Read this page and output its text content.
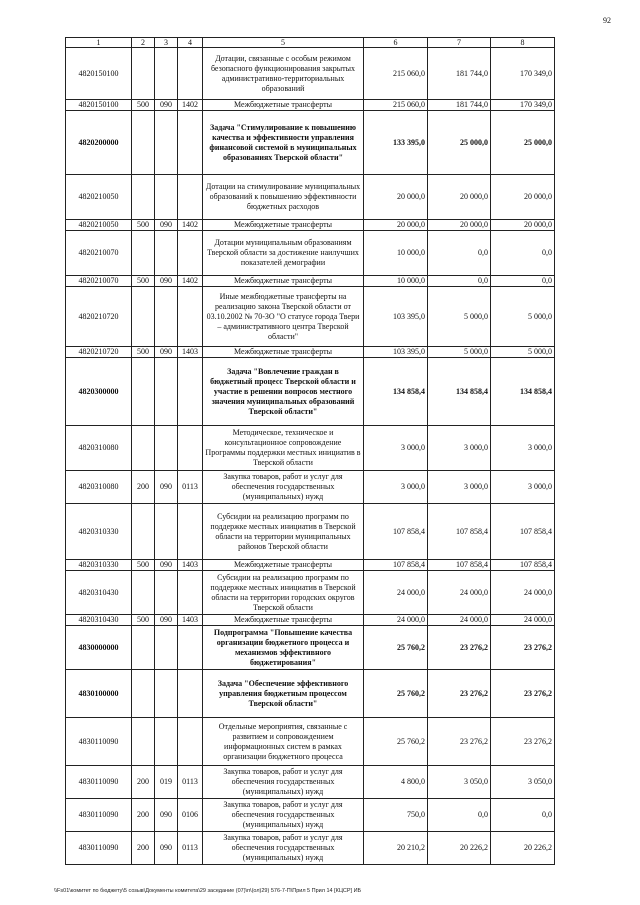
92
1	2	3	4	5	6	7	8
4820150100				Дотации, связанные с особым режимом безопасного функционирования закрытых административно-территориальных образований	215 060,0	181 744,0	170 349,0
4820150100	500	090	1402	Межбюджетные трансферты	215 060,0	181 744,0	170 349,0
4820200000				Задача "Стимулирование к повышению качества и эффективности управления финансовой системой в муниципальных образованиях Тверской области"	133 395,0	25 000,0	25 000,0
4820210050				Дотации на стимулирование муниципальных образований к повышению эффективности бюджетных расходов	20 000,0	20 000,0	20 000,0
4820210050	500	090	1402	Межбюджетные трансферты	20 000,0	20 000,0	20 000,0
4820210070				Дотации муниципальным образованиям Тверской области за достижение наилучших показателей демографии	10 000,0	0,0	0,0
4820210070	500	090	1402	Межбюджетные трансферты	10 000,0	0,0	0,0
4820210720				Иные межбюджетные трансферты на реализацию закона Тверской области от 03.10.2002 № 70-ЗО "О статусе города Твери – административного центра Тверской области"	103 395,0	5 000,0	5 000,0
4820210720	500	090	1403	Межбюджетные трансферты	103 395,0	5 000,0	5 000,0
4820300000				Задача "Вовлечение граждан в бюджетный процесс Тверской области и участие в решении вопросов местного значения муниципальных образований Тверской области"	134 858,4	134 858,4	134 858,4
4820310080				Методическое, техническое и консультационное сопровождение Программы поддержки местных инициатив в Тверской области	3 000,0	3 000,0	3 000,0
4820310080	200	090	0113	Закупка товаров, работ и услуг для обеспечения государственных (муниципальных) нужд	3 000,0	3 000,0	3 000,0
4820310330				Субсидии на реализацию программ по поддержке местных инициатив в Тверской области на территории муниципальных районов Тверской области	107 858,4	107 858,4	107 858,4
4820310330	500	090	1403	Межбюджетные трансферты	107 858,4	107 858,4	107 858,4
4820310430				Субсидии на реализацию программ по поддержке местных инициатив в Тверской области на территории городских округов Тверской области	24 000,0	24 000,0	24 000,0
4820310430	500	090	1403	Межбюджетные трансферты	24 000,0	24 000,0	24 000,0
4830000000				Подпрограмма "Повышение качества организации бюджетного процесса и механизмов эффективного бюджетирования"	25 760,2	23 276,2	23 276,2
4830100000				Задача "Обеспечение эффективного управления бюджетным процессом Тверской области"	25 760,2	23 276,2	23 276,2
4830110090				Отдельные мероприятия, связанные с развитием и сопровождением информационных систем в рамках организации бюджетного процесса	25 760,2	23 276,2	23 276,2
4830110090	200	019	0113	Закупка товаров, работ и услуг для обеспечения государственных (муниципальных) нужд	4 800,0	3 050,0	3 050,0
4830110090	200	090	0106	Закупка товаров, работ и услуг для обеспечения государственных (муниципальных) нужд	750,0	0,0	0,0
4830110090	200	090	0113	Закупка товаров, работ и услуг для обеспечения государственных (муниципальных) нужд	20 210,2	20 226,2	20 226,2
\\Fs01\комитет по бюджету\5 созыв\Документы комитета\29 заседание (07)\п\(ол)29) 576-7-П\Прил 5 Прил 14 [КЦСР] ИБ
